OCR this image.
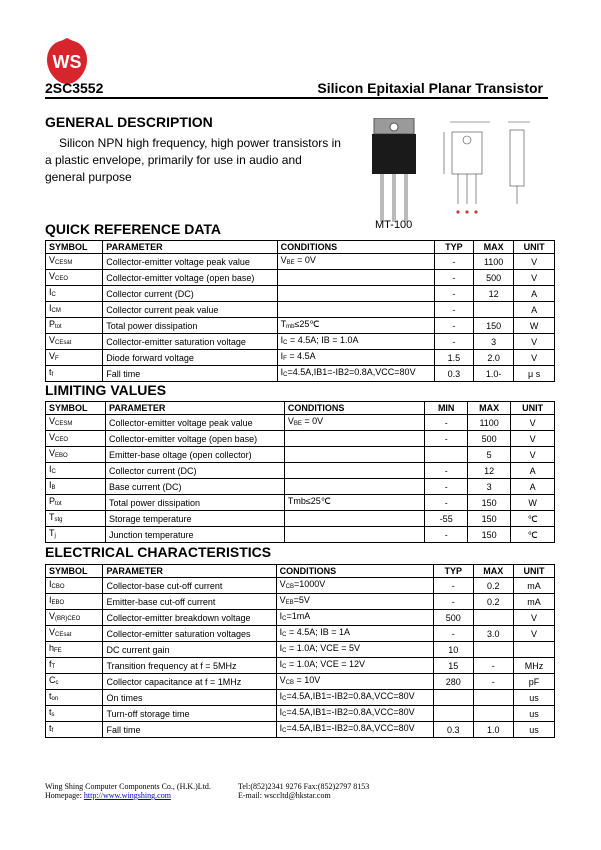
WS
2SC3552	Silicon Epitaxial Planar Transistor
GENERAL DESCRIPTION

Silicon NPN high frequency, high power transistors in a plastic envelope, primarily for use in audio and general purpose

MT-100
QUICK REFERENCE DATA
SYMBOL	PARAMETER	CONDITIONS	TYP	MAX	UNIT
VCESM	Collector-emitter voltage peak value	VBE = 0V	-	1100	V
VCEO	Collector-emitter voltage (open base)		-	500	V
IC	Collector current (DC)		-	12	A
ICM	Collector current peak value		-		A
Ptot	Total power dissipation	Tmb≤25℃	-	150	W
VCEsat	Collector-emitter saturation voltage	IC = 4.5A; IB = 1.0A	-	3	V
VF	Diode forward voltage	IF = 4.5A	1.5	2.0	V
tf	Fall time	IC=4.5A,IB1=-IB2=0.8A,VCC=80V	0.3	1.0-	μ s
LIMITING VALUES
SYMBOL	PARAMETER	CONDITIONS	MIN	MAX	UNIT
VCESM	Collector-emitter voltage peak value	VBE = 0V	-	1100	V
VCEO	Collector-emitter voltage (open base)		-	500	V
VEBO	Emitter-base oltage (open collector)			5	V
IC	Collector current (DC)		-	12	A
IB	Base current (DC)		-	3	A
Ptot	Total power dissipation	Tmb≤25℃	-	150	W
Tstg	Storage temperature		-55	150	℃
Tj	Junction temperature		-	150	℃
ELECTRICAL CHARACTERISTICS
SYMBOL	PARAMETER	CONDITIONS	TYP	MAX	UNIT
ICBO	Collector-base cut-off current	VCB=1000V	-	0.2	mA
IEBO	Emitter-base cut-off current	VEB=5V	-	0.2	mA
V(BR)CEO	Collector-emitter breakdown voltage	IC=1mA	500		V
VCEsat	Collector-emitter saturation voltages	IC = 4.5A; IB = 1A	-	3.0	V
hFE	DC current gain	IC = 1.0A; VCE = 5V	10		
fT	Transition frequency at f = 5MHz	IC = 1.0A; VCE = 12V	15	-	MHz
Cc	Collector capacitance at f = 1MHz	VCB = 10V	280	-	pF
ton	On times	IC=4.5A,IB1=-IB2=0.8A,VCC=80V			us
ts	Turn-off storage time	IC=4.5A,IB1=-IB2=0.8A,VCC=80V			us
tf	Fall time	IC=4.5A,IB1=-IB2=0.8A,VCC=80V	0.3	1.0	us
Wing Shing Computer Components Co., (H.K.)Ltd.
Homepage: http://www.wingshing.com
Tel:(852)2341 9276 Fax:(852)2797 8153
E-mail: wsccltd@hkstar.com
